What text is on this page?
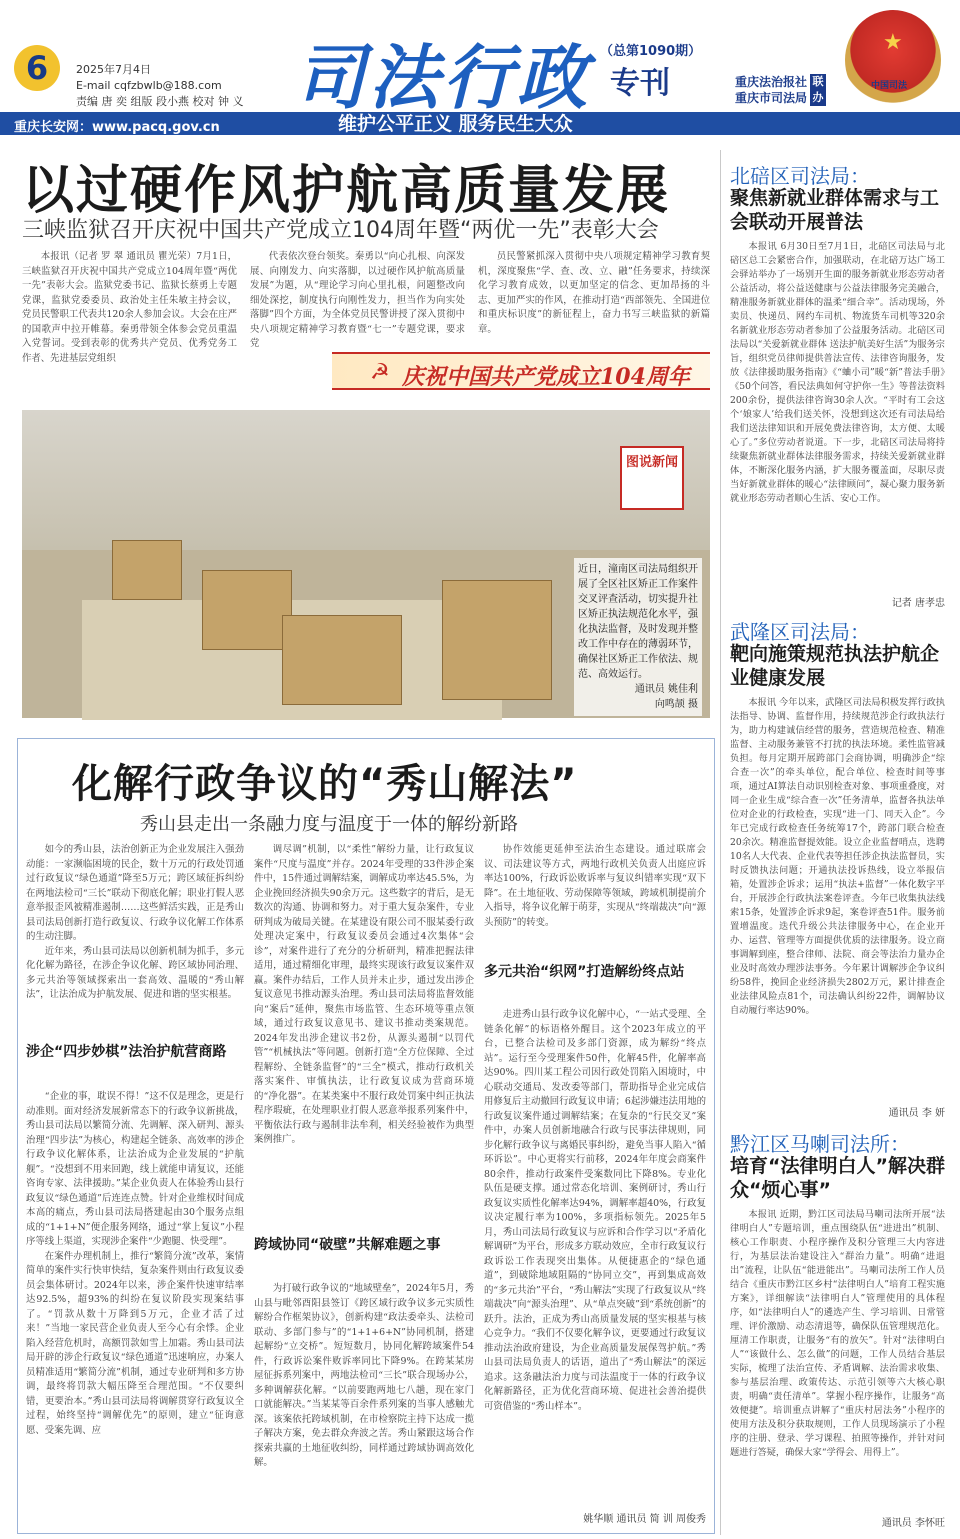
6	2025年7月4日
E-mail cqfzbwlb@188.com
责编 唐 奕 组版 段小燕 校对 钟 义 司法行政 （总第1090期）
专刊	重庆法治报社
重庆市司法局
联办
★
中国司法
重庆长安网：www.pacq.gov.cn	维护公平正义 服务民生大众
以过硬作风护航高质量发展
三峡监狱召开庆祝中国共产党成立104周年暨“两优一先”表彰大会

本报讯（记者 罗 翠 通讯员 瞿光荣）7月1日，三峡监狱召开庆祝中国共产党成立104周年暨“两优一先”表彰大会。监狱党委书记、监狱长蔡勇上专题党课，监狱党委委员、政治处主任朱敏主持会议，党员民警职工代表共120余人参加会议。大会在庄严的国歌声中拉开帷幕。秦勇带领全体参会党员重温入党誓词。受到表彰的优秀共产党员、优秀党务工作者、先进基层党组织

代表依次登台领奖。秦勇以“向心扎根、向深发展、向刚发力、向实落脚，以过硬作风护航高质量发展”为题，从“理论学习向心里扎根，问题整改向细处深挖，制度执行向刚性发力，担当作为向实处落脚”四个方面，为全体党员民警讲授了深入贯彻中央八项规定精神学习教育暨“七一”专题党课，要求党

员民警紧抓深入贯彻中央八项规定精神学习教育契机，深度聚焦“学、查、改、立、融”任务要求，持续深化学习教育成效，以更加坚定的信念、更加昂扬的斗志、更加严实的作风，在推动打造“西部领先、全国进位和重庆标识度”的新征程上，奋力书写三峡监狱的新篇章。

☭ 庆祝中国共产党成立104周年
图说新闻
近日，潼南区司法局组织开展了全区社区矫正工作案件交叉评查活动，切实提升社区矫正执法规范化水平，强化执法监督，及时发现并整改工作中存在的薄弱环节，确保社区矫正工作依法、规范、高效运行。
通讯员 姚佳利
向鸣颉 摄
化解行政争议的“秀山解法”
秀山县走出一条融力度与温度于一体的解纷新路

如今的秀山县，法治创新正为企业发展注入强劲动能：一家濒临困境的民企，数十万元的行政处罚通过行政复议“绿色通道”降至5万元；跨区域征拆纠纷在两地法检司“三长”联动下彻底化解；职业打假人恶意举报歪风被精准遏制……这些鲜活实践，正是秀山县司法局创新打造行政复议、行政争议化解工作体系的生动注脚。

近年来，秀山县司法局以创新机制为抓手，多元化化解为路径，在涉企争议化解、跨区域协同治理、多元共治等领域探索出一套高效、温暖的“秀山解法”，让法治成为护航发展、促进和谐的坚实根基。

涉企“四步妙棋”法治护航营商路

“企业的事，耽误不得！”这不仅是理念，更是行动准则。面对经济发展新常态下的行政争议新挑战，秀山县司法局以繁简分流、先调解、深入研判、源头治理“四步法”为核心，构建起全链条、高效率的涉企行政争议化解体系，让法治成为企业发展的“护航舰”。“没想到不用来回跑，线上就能申请复议，还能咨询专家、法律援助。”某企业负责人在体验秀山县行政复议“绿色通道”后连连点赞。针对企业维权时间成本高的痛点，秀山县司法局搭建起由30个服务点组成的“1+1+N”便企服务网络，通过“掌上复议”小程序等线上渠道，实现涉企案件“少跑腿、快受理”。

在案件办理机制上，推行“繁简分流”改革，案情简单的案件实行快审快结，复杂案件则由行政复议委员会集体研讨。2024年以来，涉企案件快速审结率达92.5%，超93%的纠纷在复议阶段实现案结事了。“罚款从数十万降到5万元，企业才活了过来！”当地一家民营企业负责人至今心有余悸。企业陷入经营危机时，高额罚款如雪上加霜。秀山县司法局开辟的涉企行政复议“绿色通道”迅速响应，办案人员精准适用“繁简分流”机制，通过专业研判和多方协调，最终将罚款大幅压降至合理范围。“不仅要纠错，更要治本。”秀山县司法局将调解贯穿行政复议全过程，始终坚持“调解优先”的原则，建立“征询意愿、受案先调、应

调尽调”机制，以“柔性”解纷力量，让行政复议案件“尺度与温度”并存。2024年受理的33件涉企案件中，15件通过调解结案，调解成功率达45.5%，为企业挽回经济损失90余万元。这些数字的背后，是无数次的沟通、协调和努力。对于重大复杂案件，专业研判成为破局关键。在某建设有限公司不服某委行政处理决定案中，行政复议委员会通过4次集体“会诊”，对案件进行了充分的分析研判，精准把握法律适用，通过精细化审理，最终实现该行政复议案件双赢。案件办结后，工作人员并未止步，通过发出涉企复议意见书推动源头治理。秀山县司法局将监督效能向“案后”延伸，聚焦市场监管、生态环境等重点领域，通过行政复议意见书、建议书推动类案规范。2024年发出涉企建议书2份，从源头遏制“以罚代管”“机械执法”等问题。创新打造“全方位保障、全过程解纷、全链条监督”的“三全”模式，推动行政机关落实案件、审慎执法，让行政复议成为营商环境的“净化器”。在某类案中不服行政处罚案中纠正执法程序瑕疵，在处理职业打假人恶意举报系列案件中，平衡依法行政与遏制非法牟利，相关经验被作为典型案例推广。

跨域协同“破壁”共解难题之事

为打破行政争议的“地域壁垒”，2024年5月，秀山县与毗邻酉阳县签订《跨区域行政争议多元实质性解纷合作框架协议》，创新构建“政法委牵头、法检司联动、多部门参与”的“1+1+6+N”协同机制，搭建起解纷“立交桥”。短短数月，协同化解跨域案件54件，行政诉讼案件败诉率同比下降9%。在跨某某房屋征拆系列案中，两地法检司“三长”联合现场办公，多种调解获化解。“以前要跑两地七八趟，现在家门口就能解决。”当某某等百余件系列案的当事人感触尤深。该案依托跨域机制，在市检察院主持下达成一揽子解决方案，免去群众奔波之苦。秀山紧跟这场合作探索共赢的土地征收纠纷，同样通过跨域协调高效化解。

协作效能更延伸至法治生态建设。通过联席会议、司法建议等方式，两地行政机关负责人出庭应诉率达100%，行政诉讼败诉率与复议纠错率实现“双下降”。在土地征收、劳动保障等领域，跨域机制提前介入指导，将争议化解于萌芽，实现从“终端裁决”向“源头预防”的转变。

多元共治“织网”打造解纷终点站

走进秀山县行政争议化解中心，“一站式受理、全链条化解”的标语格外醒目。这个2023年成立的平台，已整合法检司及多部门资源，成为解纷“终点站”。运行至今受理案件50件，化解45件，化解率高达90%。四川某工程公司因行政处罚陷入困境时，中心联动交通局、发改委等部门，帮助指导企业完成信用修复后主动撤回行政复议申请；6起涉嫌违法用地的行政复议案件通过调解结案；在复杂的“行民交叉”案件中，办案人员创新地融合行政与民事法律规则，同步化解行政争议与离婚民事纠纷，避免当事人陷入“循环诉讼”。中心更将实行前移，2024年年度会商案件80余件，推动行政案件受案数同比下降8%。专业化队伍是硬支撑。通过常态化培训、案例研讨，秀山行政复议实质性化解率达94%，调解率超40%，行政复议决定履行率为100%，多项指标领先。2025年5月，秀山司法局行政复议与应诉和合作学习以“矛盾化解调研”为平台，形成多方联动效应，全市行政复议行政诉讼工作表现突出集体。从便捷惠企的“绿色通道”，到破除地域阻隔的“协同立交”，再到集成高效的“多元共治”平台，“秀山解法”实现了行政复议从“终端裁决”向“源头治理”、从“单点突破”到“系统创新”的跃升。法治，正成为秀山高质量发展的坚实根基与核心竞争力。“我们不仅要化解争议，更要通过行政复议推动法治政府建设，为企业高质量发展保驾护航。”秀山县司法局负责人的话语，道出了“秀山解法”的深远追求。这条融法治力度与司法温度于一体的行政争议化解新路径，正为优化营商环境、促进社会善治提供可资借鉴的“秀山样本”。

姚华顺 通讯员 简 训 周俊秀
北碚区司法局：
聚焦新就业群体需求与工会联动开展普法

本报讯 6月30日至7月1日，北碚区司法局与北碚区总工会紧密合作，加强联动，在北碚万达广场工会驿站举办了一场别开生面的服务新就业形态劳动者公益活动，将公益送健康与公益法律服务完美融合，精准服务新就业群体的温柔“细合幸”。活动现场，外卖员、快递员、网约车司机、物流货车司机等320余名新就业形态劳动者参加了公益服务活动。北碚区司法局以“关爱新就业群体 送法护航美好生活”为服务宗旨，组织党员律师提供普法宣传、法律咨询服务，发放《法律援助服务指南》《“蛐小司”暖“新”普法手册》《50个问答，看民法典如何守护你一生》等普法资料200余份，提供法律咨询30余人次。“平时有工会这个‘娘家人’给我们送关怀，没想到这次还有司法局给我们送法律知识和开展免费法律咨询，太方便、太暖心了。”多位劳动者说道。下一步，北碚区司法局将持续聚焦新就业群体法律服务需求，持续关爱新就业群体，不断深化服务内涵，扩大服务覆盖面，尽职尽责当好新就业群体的暖心“法律顾问”，凝心聚力服务新就业形态劳动者顺心生活、安心工作。

记者 唐孝忠
武隆区司法局：
靶向施策规范执法护航企业健康发展

本报讯 今年以来，武隆区司法局积极发挥行政执法指导、协调、监督作用，持续规范涉企行政执法行为，助力构建诚信经营的服务，营造规范检查、精准监督、主动服务兼管不打扰的执法环境。柔性监管减负担。每月定期开展跨部门会商协调，明确涉企“综合查一次”的牵头单位，配合单位、检查时间等事项，通过AI算法自动识别检查对象、事项重叠度，对同一企业生成“综合查一次”任务清单，监督各执法单位对企业的行政检查，实现“进一门、同天入企”。今年已完成行政检查任务统筹17个，跨部门联合检查20余次。精准监督提效能。设立企业监督哨点，选聘10名人大代表、企业代表等担任涉企执法监督员，实时反馈执法问题；开通执法投诉热线，设立举报信箱，处置涉企诉求；运用“执法+监督”一体化数字平台，开展涉企行政执法案卷评查。今年已收集执法线索15条，处置涉企诉求9起，案卷评查51件。服务前置增温度。迭代升级公共法律服务中心，在企业开办、运营、管理等方面提供优质的法律服务。设立商事调解到座，整合律师、法院、商会等法治力量办企业及时高效办理涉法事务。今年累计调解涉企争议纠纷58件，挽回企业经济损失2802万元，累计排查企业法律风险点81个，司法确认纠纷22件，调解协议自动履行率达90%。

通讯员 李 妍
黔江区马喇司法所：
培育“法律明白人”解决群众“烦心事”

本报讯 近期，黔江区司法局马喇司法所开展“法律明白人”专题培训，重点围绕队伍“进进出”机制、核心工作职责、小程序操作及积分管理三大内容进行，为基层法治建设注入“群治力量”。明确“进退出”流程，让队伍“能进能出”。马喇司法所工作人员结合《重庆市黔江区乡村“法律明白人”培育工程实施方案》，详细解读“法律明白人”管理使用的具体程序，如“法律明白人”的遴选产生、学习培训、日常管理、评价激励、动态清退等，确保队伍管理规范化。厘清工作职责，让服务“有的放矢”。针对“法律明白人”“该做什么、怎么做”的问题，工作人员结合基层实际，梳理了法治宣传、矛盾调解、法治需求收集、参与基层治理、政策传达、示范引领等六大核心职责，明确“责任清单”。掌握小程序操作，让服务“高效便捷”。培训重点讲解了“重庆村居法务”小程序的使用方法及积分获取规则，工作人员现场演示了小程序的注册、登录、学习课程、拍照等操作，并针对问题进行答疑，确保大家“学得会、用得上”。

通讯员 李怀旺
